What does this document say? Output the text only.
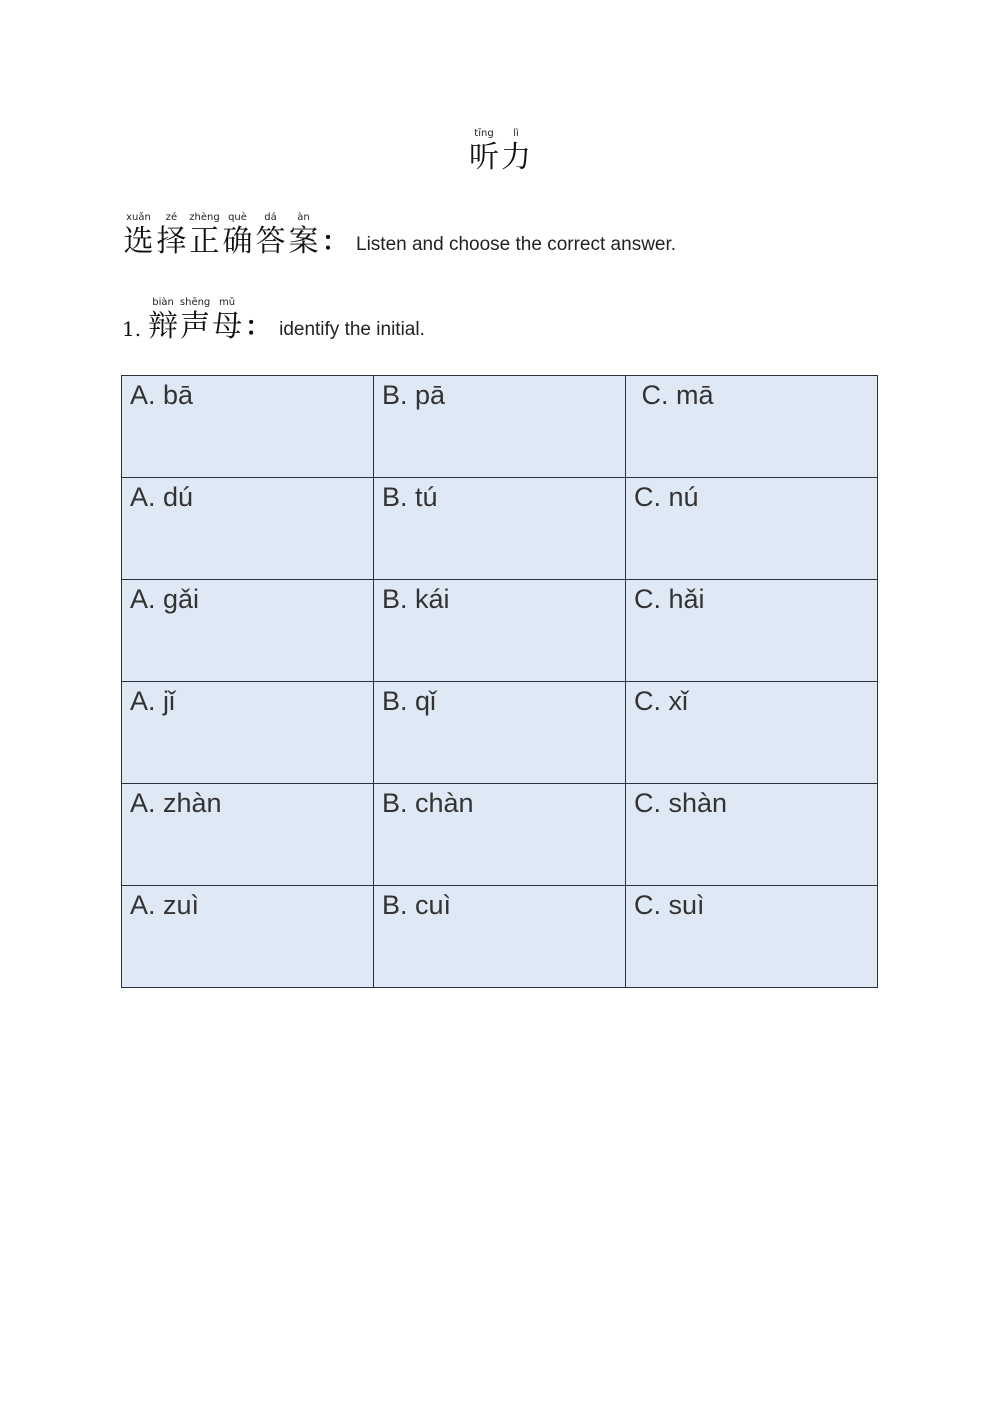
tīng
听
lì
力
xuǎn
选
zé
择
zhèng
正
què
确
dá
答
àn
案 ： Listen and choose the correct answer.
1.
biàn
辩
shēng
声
mǔ
母 ： identify the initial.
A. bā	B. pā	C. mā
A. dú	B. tú	C. nú
A. gǎi	B. kái	C. hǎi
A. jǐ	B. qǐ	C. xǐ
A. zhàn	B. chàn	C. shàn
A. zuì	B. cuì	C. suì
